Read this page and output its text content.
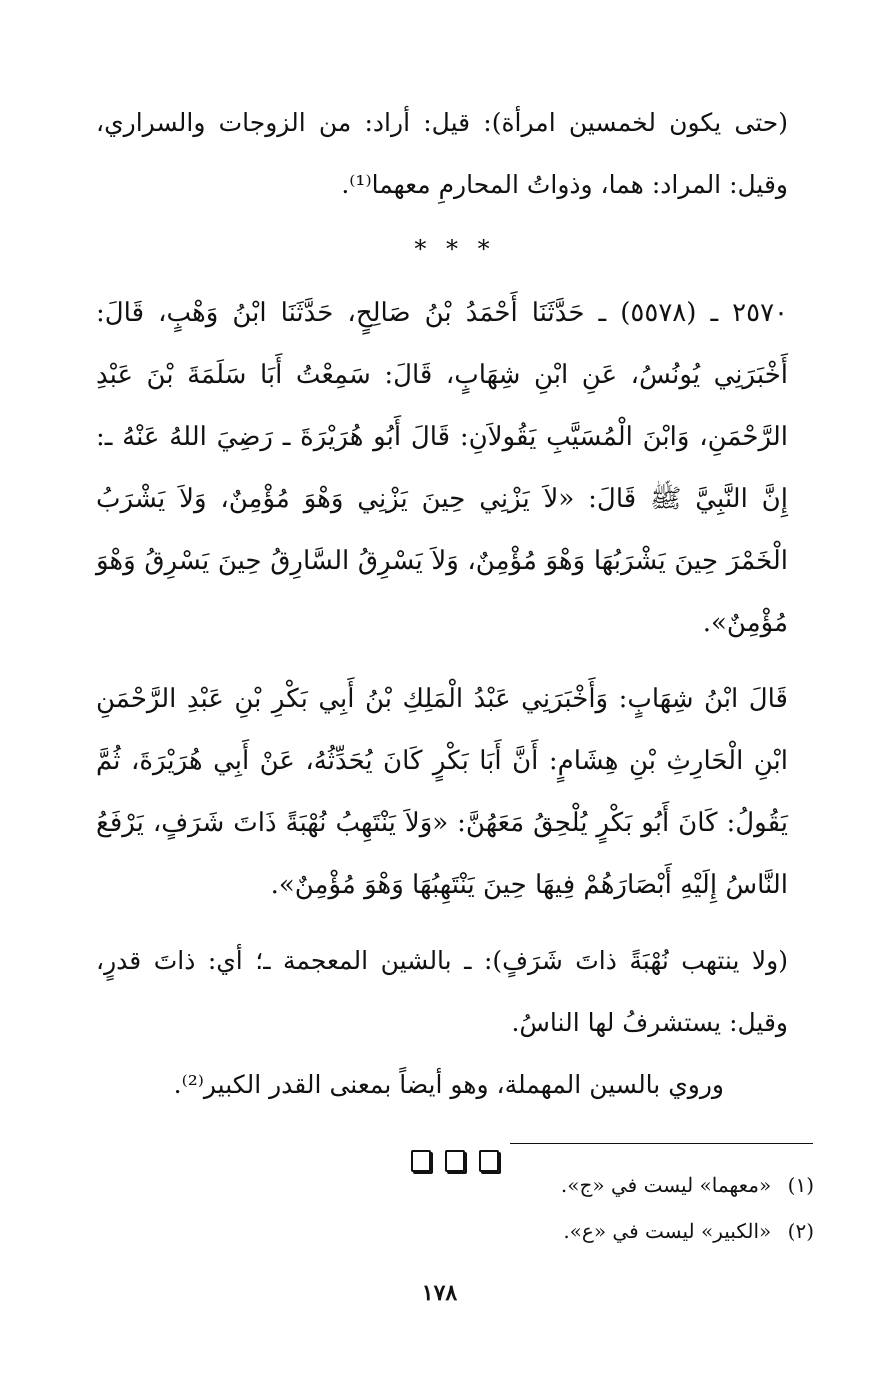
(حتى يكون لخمسين امرأة): قيل: أراد: من الزوجات والسراري، وقيل: المراد: هما، وذواتُ المحارمِ معهما⁽¹⁾.

* * *

٢٥٧٠ ـ (٥٥٧٨) ـ حَدَّثَنَا أَحْمَدُ بْنُ صَالِحٍ، حَدَّثَنَا ابْنُ وَهْبٍ، قَالَ: أَخْبَرَنِي يُونُسُ، عَنِ ابْنِ شِهَابٍ، قَالَ: سَمِعْتُ أَبَا سَلَمَةَ بْنَ عَبْدِ الرَّحْمَنِ، وَابْنَ الْمُسَيَّبِ يَقُولاَنِ: قَالَ أَبُو هُرَيْرَةَ ـ رَضِيَ اللهُ عَنْهُ ـ: إِنَّ النَّبِيَّ ﷺ قَالَ: «لاَ يَزْنِي حِينَ يَزْنِي وَهْوَ مُؤْمِنٌ، وَلاَ يَشْرَبُ الْخَمْرَ حِينَ يَشْرَبُهَا وَهْوَ مُؤْمِنٌ، وَلاَ يَسْرِقُ السَّارِقُ حِينَ يَسْرِقُ وَهْوَ مُؤْمِنٌ».

قَالَ ابْنُ شِهَابٍ: وَأَخْبَرَنِي عَبْدُ الْمَلِكِ بْنُ أَبِي بَكْرِ بْنِ عَبْدِ الرَّحْمَنِ ابْنِ الْحَارِثِ بْنِ هِشَامٍ: أَنَّ أَبَا بَكْرٍ كَانَ يُحَدِّثُهُ، عَنْ أَبِي هُرَيْرَةَ، ثُمَّ يَقُولُ: كَانَ أَبُو بَكْرٍ يُلْحِقُ مَعَهُنَّ: «وَلاَ يَنْتَهِبُ نُهْبَةً ذَاتَ شَرَفٍ، يَرْفَعُ النَّاسُ إِلَيْهِ أَبْصَارَهُمْ فِيهَا حِينَ يَنْتَهِبُهَا وَهْوَ مُؤْمِنٌ».

(ولا ينتهب نُهْبَةً ذاتَ شَرَفٍ): ـ بالشين المعجمة ـ؛ أي: ذاتَ قدرٍ، وقيل: يستشرفُ لها الناسُ.

وروي بالسين المهملة، وهو أيضاً بمعنى القدر الكبير⁽²⁾.

(١) «معهما» ليست في «ج».

(٢) «الكبير» ليست في «ع».

١٧٨
